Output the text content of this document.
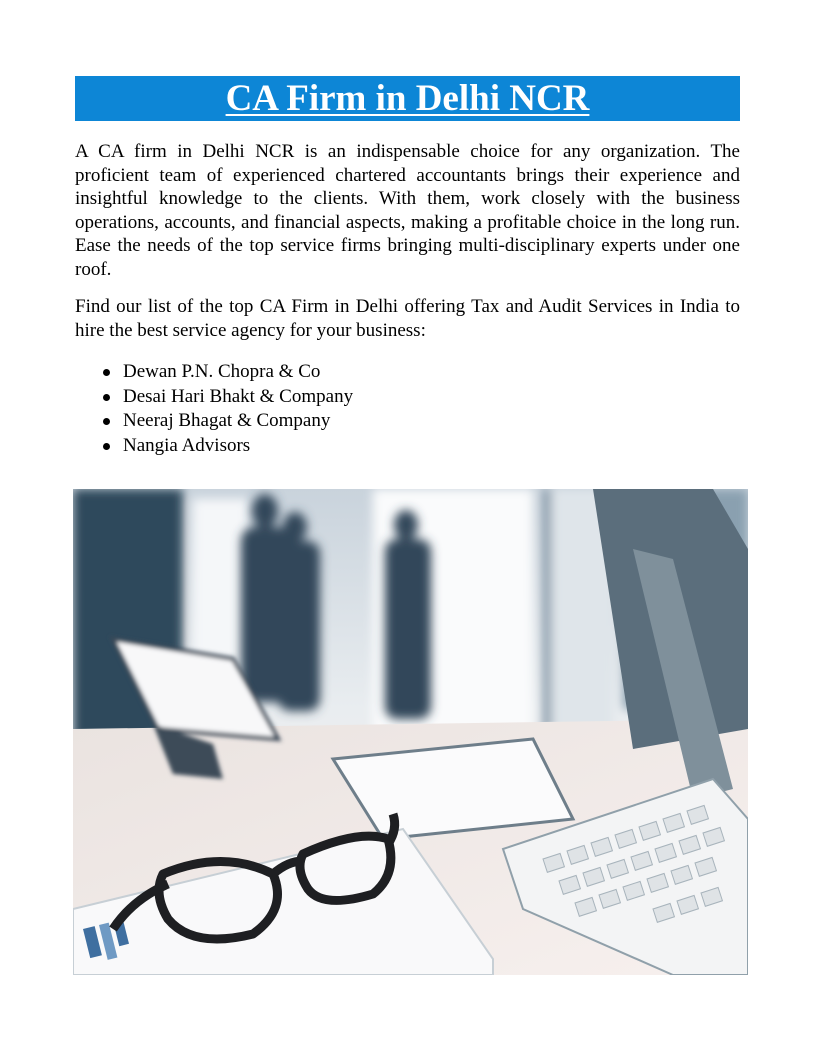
CA Firm in Delhi NCR

A CA firm in Delhi NCR is an indispensable choice for any organization. The proficient team of experienced chartered accountants brings their experience and insightful knowledge to the clients. With them, work closely with the business operations, accounts, and financial aspects, making a profitable choice in the long run. Ease the needs of the top service firms bringing multi-disciplinary experts under one roof.

Find our list of the top CA Firm in Delhi offering Tax and Audit Services in India to hire the best service agency for your business:

Dewan P.N. Chopra & Co
Desai Hari Bhakt & Company
Neeraj Bhagat & Company
Nangia Advisors
